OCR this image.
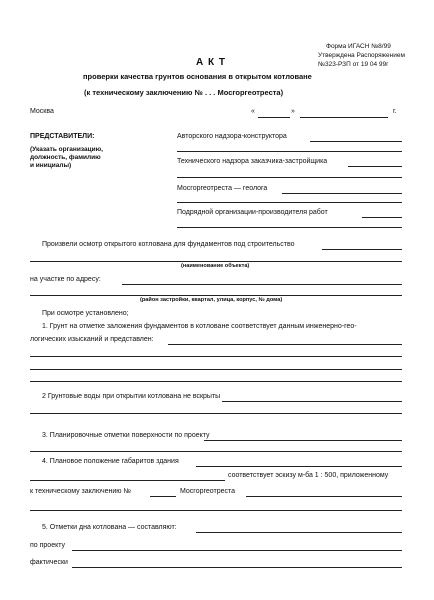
Форма ИГАСН №8/99
Утверждена Распоряжением
№323-РЗП от 19 04 99г
А К Т
проверки качества грунтов основания в открытом котловане
(к техническому заключению № . . . Мосгоргеотреста)
Москва	«	»	г.
ПРЕДСТАВИТЕЛИ:
(Указать организацию,
должность, фамилию
и инициалы)
Авторского надзора-конструктора
Технического надзора заказчика-застройщика
Мосгоргеотреста — геолога
Подрядной организации-производителя работ
Произвели осмотр открытого котлована для фундаментов под строительство
(наименование объекта)
на участке по адресу:
(район застройки, квартал, улица, корпус, № дома)
При осмотре установлено;
1. Грунт на отметке заложения фундаментов в котловане соответствует данным инженерно-гео-
логических изысканий и представлен:
2 Грунтовые воды при открытии котлована не вскрыты
3. Планировочные отметки поверхности по проекту
4. Плановое положение габаритов здания
соответствует эскизу м-ба 1 : 500, приложенному
к техническому заключению №	Мосгоргеотреста
5. Отметки дна котлована — составляют:
по проекту
фактически
